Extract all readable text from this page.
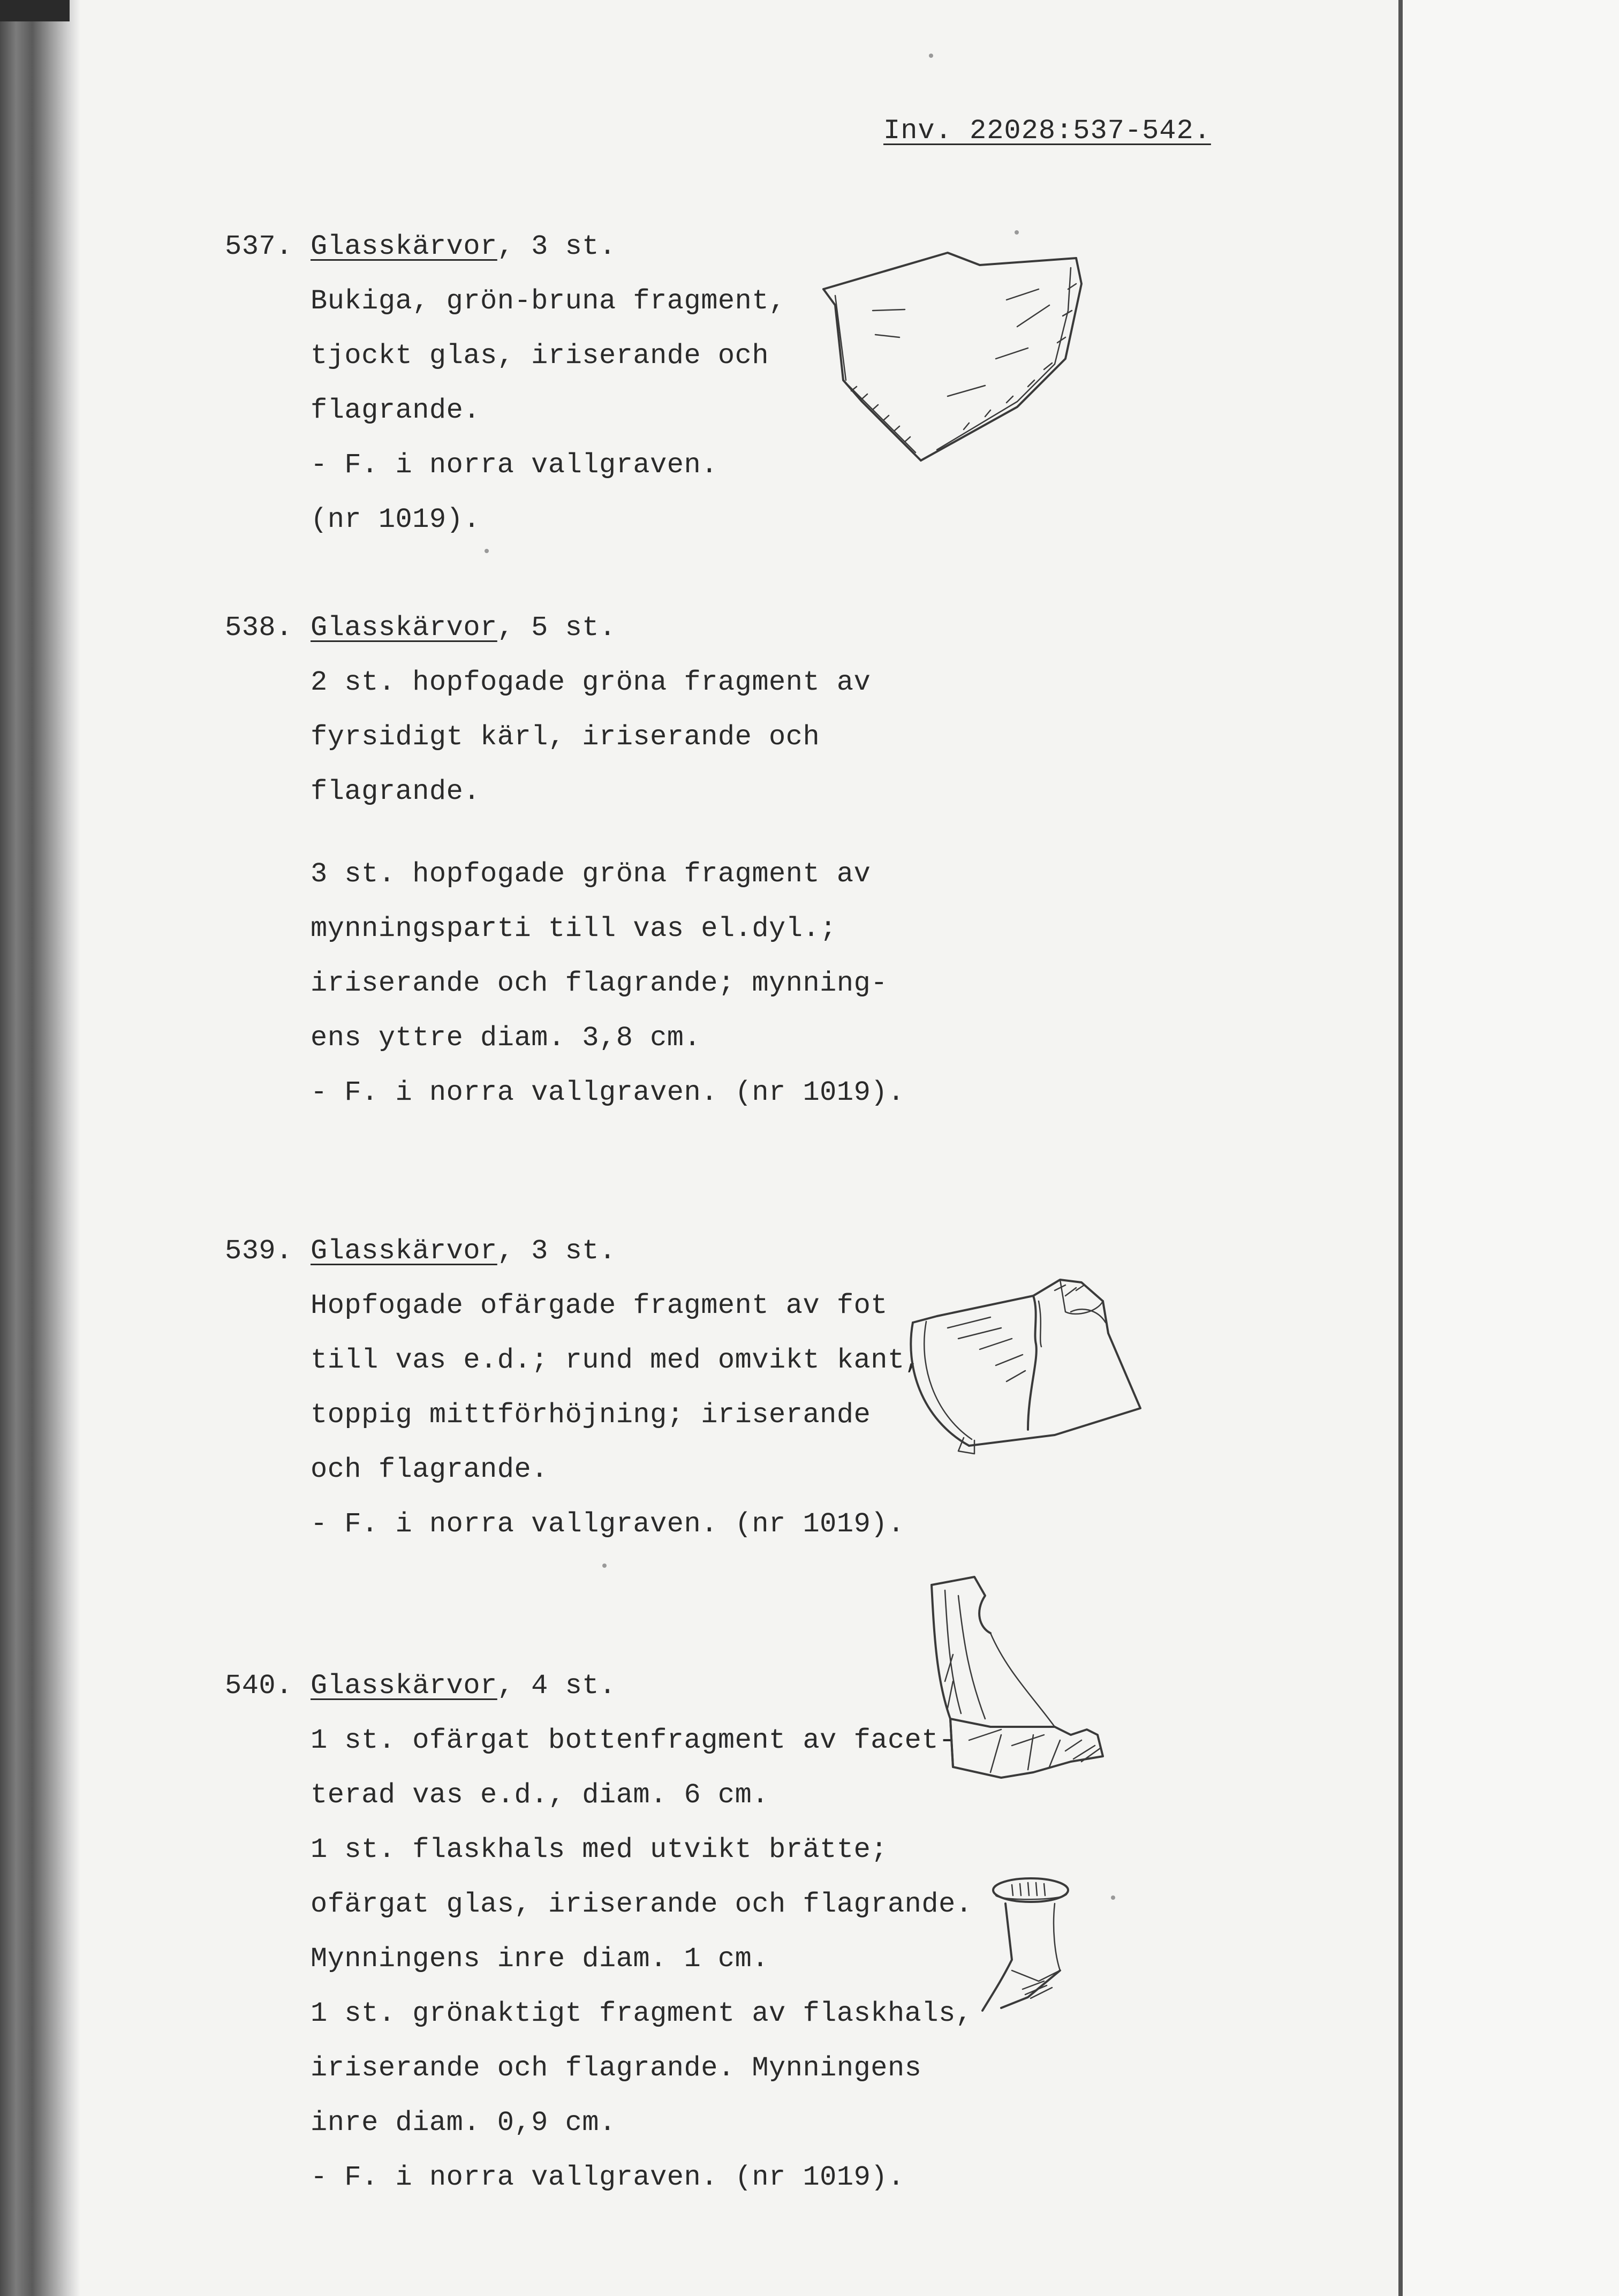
Inv. 22028:537-542.
537. Glasskärvor, 3 st.
Bukiga, grön-bruna fragment,
tjockt glas, iriserande och
flagrande.
- F. i norra vallgraven.
(nr 1019).
538. Glasskärvor, 5 st.
2 st. hopfogade gröna fragment av
fyrsidigt kärl, iriserande och
flagrande.
3 st. hopfogade gröna fragment av
mynningsparti till vas el.dyl.;
iriserande och flagrande; mynning-
ens yttre diam. 3,8 cm.
- F. i norra vallgraven. (nr 1019).
539. Glasskärvor, 3 st.
Hopfogade ofärgade fragment av fot
till vas e.d.; rund med omvikt kant,
toppig mittförhöjning; iriserande
och flagrande.
- F. i norra vallgraven. (nr 1019).
540. Glasskärvor, 4 st.
1 st. ofärgat bottenfragment av facet-
terad vas e.d., diam. 6 cm.
1 st. flaskhals med utvikt brätte;
ofärgat glas, iriserande och flagrande.
Mynningens inre diam. 1 cm.
1 st. grönaktigt fragment av flaskhals,
iriserande och flagrande. Mynningens
inre diam. 0,9 cm.
- F. i norra vallgraven. (nr 1019).
